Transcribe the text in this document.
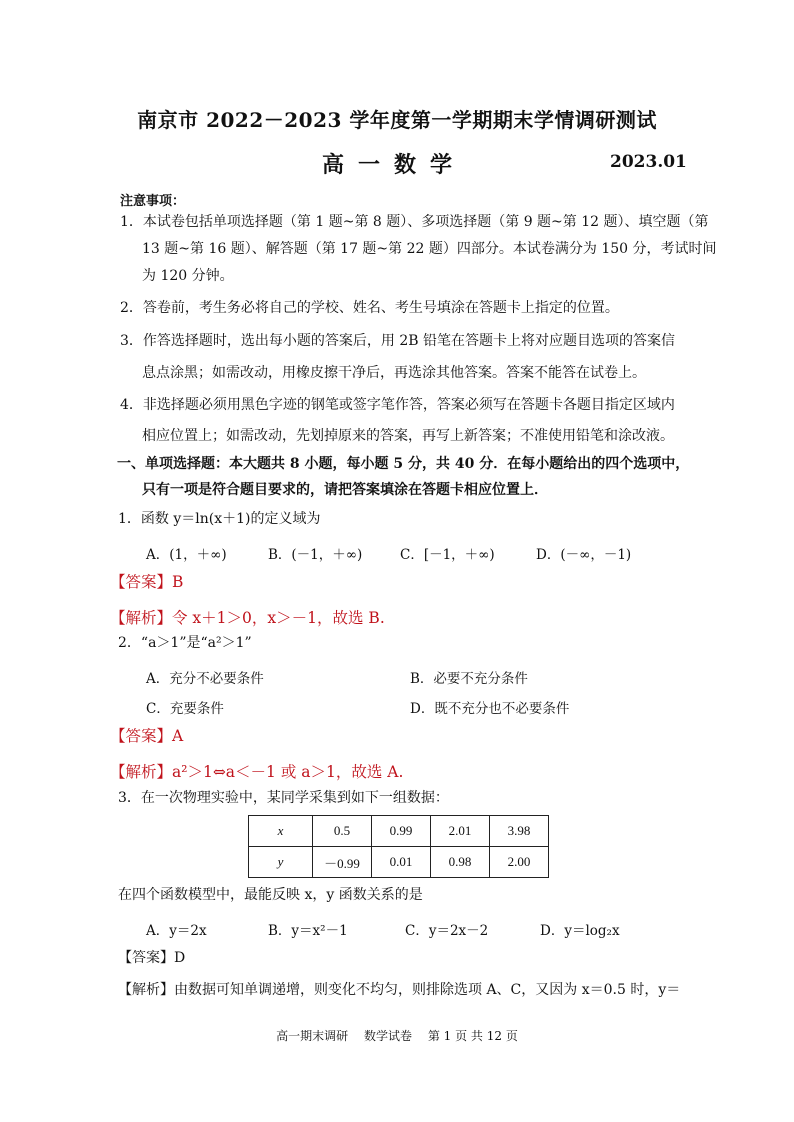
南京市 2022－2023 学年度第一学期期末学情调研测试
高一数学	2023.01
注意事项：
1．本试卷包括单项选择题（第 1 题~第 8 题）、多项选择题（第 9 题~第 12 题）、填空题（第
13 题~第 16 题）、解答题（第 17 题~第 22 题）四部分。本试卷满分为 150 分，考试时间
为 120 分钟。
2．答卷前，考生务必将自己的学校、姓名、考生号填涂在答题卡上指定的位置。
3．作答选择题时，选出每小题的答案后，用 2B 铅笔在答题卡上将对应题目选项的答案信
息点涂黑；如需改动，用橡皮擦干净后，再选涂其他答案。答案不能答在试卷上。
4．非选择题必须用黑色字迹的钢笔或签字笔作答，答案必须写在答题卡各题目指定区域内
相应位置上；如需改动，先划掉原来的答案，再写上新答案；不准使用铅笔和涂改液。
一、单项选择题：本大题共 8 小题，每小题 5 分，共 40 分．在每小题给出的四个选项中，
只有一项是符合题目要求的，请把答案填涂在答题卡相应位置上．
1．函数 y＝ln(x＋1)的定义域为
A．(1，＋∞)	B．(－1，＋∞)	C．[－1，＋∞)	D．(－∞，－1)
【答案】B
【解析】令 x＋1＞0，x＞－1，故选 B.
2．“a＞1”是“a²＞1”
A．充分不必要条件	B．必要不充分条件
C．充要条件	D．既不充分也不必要条件
【答案】A
【解析】a²＞1⇔a＜－1 或 a＞1，故选 A.
3．在一次物理实验中，某同学采集到如下一组数据：
x	0.5	0.99	2.01	3.98
y	－0.99	0.01	0.98	2.00
在四个函数模型中，最能反映 x，y 函数关系的是
A．y＝2x	B．y＝x²－1	C．y＝2x－2	D．y＝log₂x
【答案】D
【解析】由数据可知单调递增，则变化不均匀，则排除选项 A、C，又因为 x＝0.5 时，y＝
高一期末调研 数学试卷 第 1 页 共 12 页
